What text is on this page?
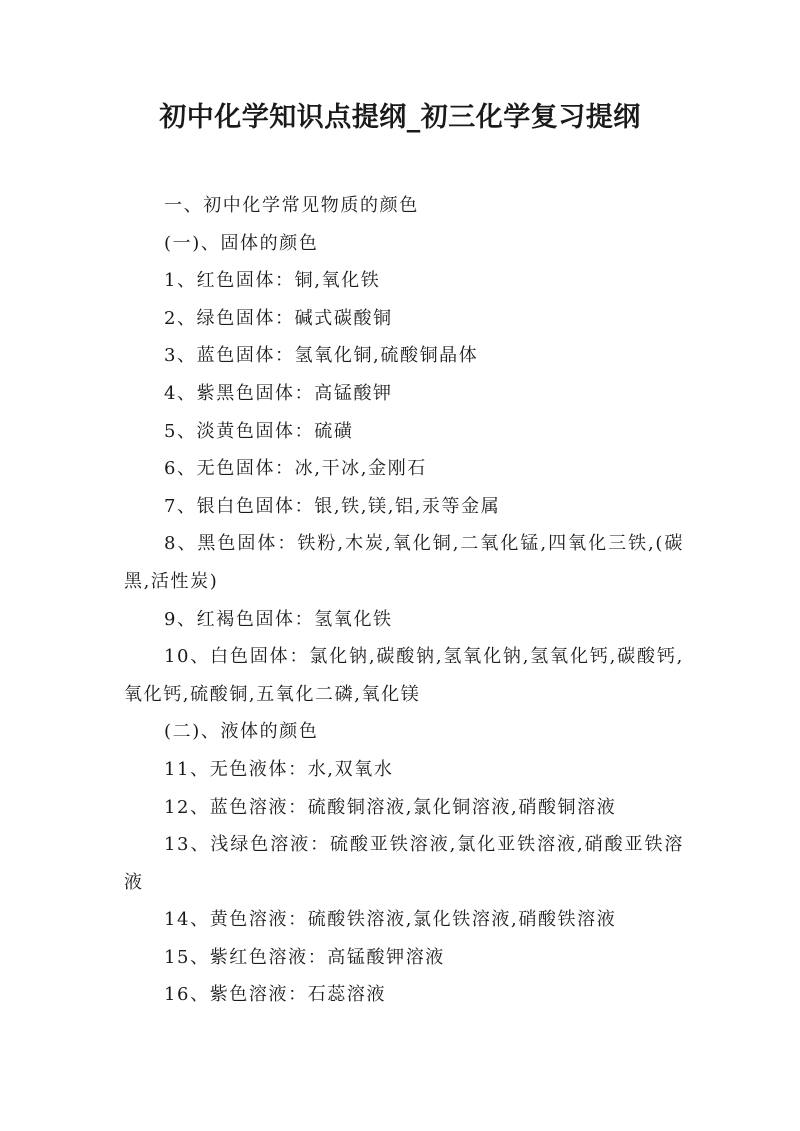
初中化学知识点提纲_初三化学复习提纲

一、初中化学常见物质的颜色

(一)、固体的颜色

1、红色固体：铜,氧化铁

2、绿色固体：碱式碳酸铜

3、蓝色固体：氢氧化铜,硫酸铜晶体

4、紫黑色固体：高锰酸钾

5、淡黄色固体：硫磺

6、无色固体：冰,干冰,金刚石

7、银白色固体：银,铁,镁,铝,汞等金属

8、黑色固体：铁粉,木炭,氧化铜,二氧化锰,四氧化三铁,(碳黑,活性炭)

9、红褐色固体：氢氧化铁

10、白色固体：氯化钠,碳酸钠,氢氧化钠,氢氧化钙,碳酸钙,氧化钙,硫酸铜,五氧化二磷,氧化镁

(二)、液体的颜色

11、无色液体：水,双氧水

12、蓝色溶液：硫酸铜溶液,氯化铜溶液,硝酸铜溶液

13、浅绿色溶液：硫酸亚铁溶液,氯化亚铁溶液,硝酸亚铁溶液

14、黄色溶液：硫酸铁溶液,氯化铁溶液,硝酸铁溶液

15、紫红色溶液：高锰酸钾溶液

16、紫色溶液：石蕊溶液
